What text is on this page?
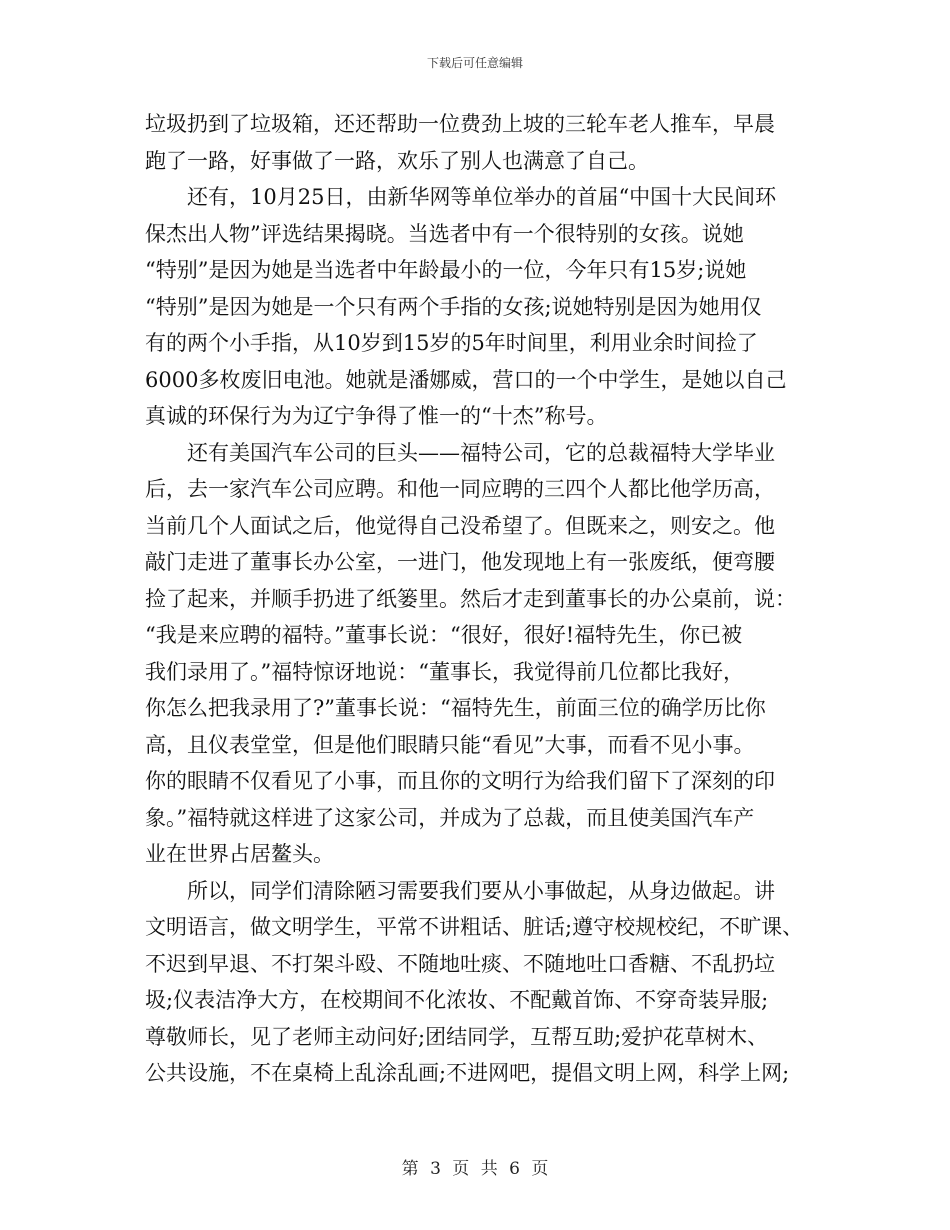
下载后可任意编辑
垃圾扔到了垃圾箱，还还帮助一位费劲上坡的三轮车老人推车，早晨
跑了一路，好事做了一路，欢乐了别人也满意了自己。
还有，10月25日，由新华网等单位举办的首届“中国十大民间环
保杰出人物”评选结果揭晓。当选者中有一个很特别的女孩。说她
“特别”是因为她是当选者中年龄最小的一位，今年只有15岁;说她
“特别”是因为她是一个只有两个手指的女孩;说她特别是因为她用仅
有的两个小手指，从10岁到15岁的5年时间里，利用业余时间捡了
6000多枚废旧电池。她就是潘娜威，营口的一个中学生，是她以自己
真诚的环保行为为辽宁争得了惟一的“十杰”称号。
还有美国汽车公司的巨头——福特公司，它的总裁福特大学毕业
后，去一家汽车公司应聘。和他一同应聘的三四个人都比他学历高，
当前几个人面试之后，他觉得自己没希望了。但既来之，则安之。他
敲门走进了董事长办公室，一进门，他发现地上有一张废纸，便弯腰
捡了起来，并顺手扔进了纸篓里。然后才走到董事长的办公桌前，说：
“我是来应聘的福特。”董事长说：“很好，很好!福特先生，你已被
我们录用了。”福特惊讶地说：“董事长，我觉得前几位都比我好，
你怎么把我录用了?”董事长说：“福特先生，前面三位的确学历比你
高，且仪表堂堂，但是他们眼睛只能“看见”大事，而看不见小事。
你的眼睛不仅看见了小事，而且你的文明行为给我们留下了深刻的印
象。”福特就这样进了这家公司，并成为了总裁，而且使美国汽车产
业在世界占居鳌头。
所以，同学们清除陋习需要我们要从小事做起，从身边做起。讲
文明语言，做文明学生，平常不讲粗话、脏话;遵守校规校纪，不旷课、
不迟到早退、不打架斗殴、不随地吐痰、不随地吐口香糖、不乱扔垃
圾;仪表洁净大方，在校期间不化浓妆、不配戴首饰、不穿奇装异服;
尊敬师长，见了老师主动问好;团结同学，互帮互助;爱护花草树木、
公共设施，不在桌椅上乱涂乱画;不进网吧，提倡文明上网，科学上网;
第 3 页 共 6 页
